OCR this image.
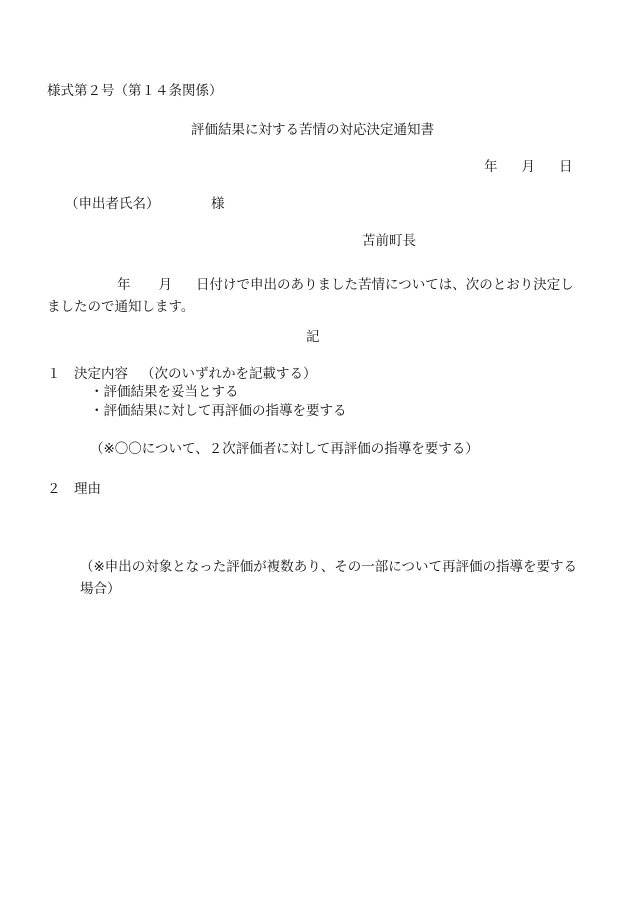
様式第２号（第１４条関係）
評価結果に対する苦情の対応決定通知書
年 月 日
（申出者氏名）	様
苫前町長
年 月 日付けで申出のありました苦情については、次のとおり決定しましたので通知します。
記
１ 決定内容 （次のいずれかを記載する）
・評価結果を妥当とする
・評価結果に対して再評価の指導を要する
（※〇〇について、２次評価者に対して再評価の指導を要する）
２ 理由
（※申出の対象となった評価が複数あり、その一部について再評価の指導を要する場合）
